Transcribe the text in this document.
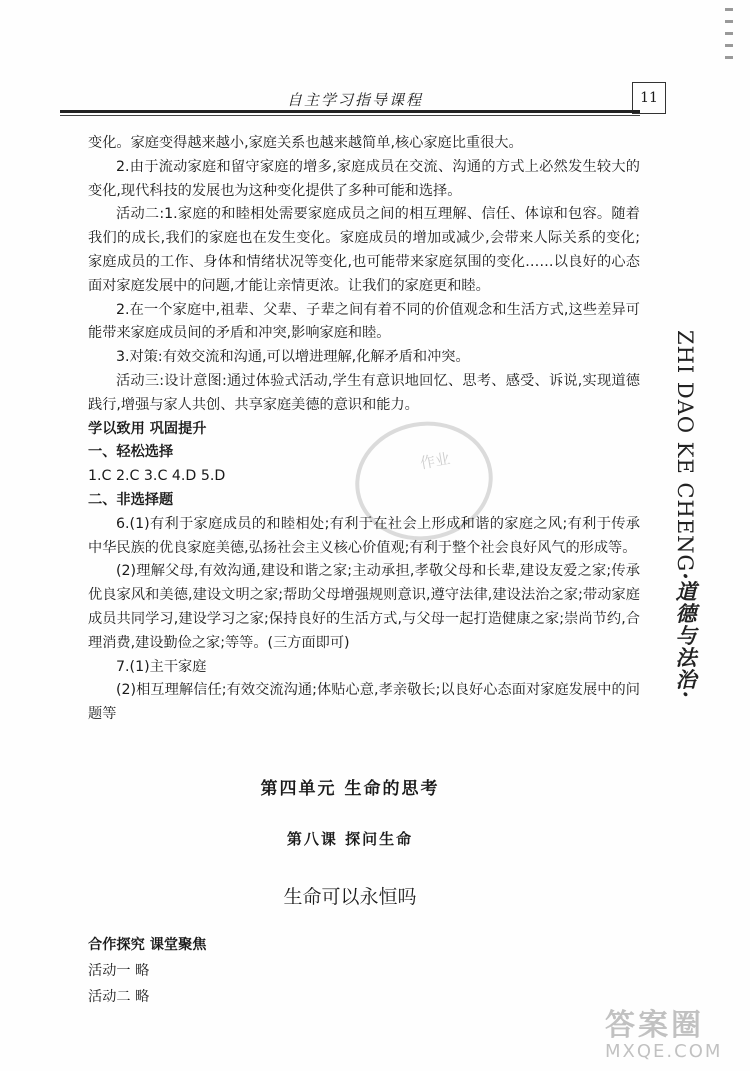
自主学习指导课程	11
ZHI DAO KE CHENG·道德与法治·
作业

变化。家庭变得越来越小,家庭关系也越来越简单,核心家庭比重很大。

2.由于流动家庭和留守家庭的增多,家庭成员在交流、沟通的方式上必然发生较大的变化,现代科技的发展也为这种变化提供了多种可能和选择。

活动二:1.家庭的和睦相处需要家庭成员之间的相互理解、信任、体谅和包容。随着我们的成长,我们的家庭也在发生变化。家庭成员的增加或减少,会带来人际关系的变化;家庭成员的工作、身体和情绪状况等变化,也可能带来家庭氛围的变化……以良好的心态面对家庭发展中的问题,才能让亲情更浓。让我们的家庭更和睦。

2.在一个家庭中,祖辈、父辈、子辈之间有着不同的价值观念和生活方式,这些差异可能带来家庭成员间的矛盾和冲突,影响家庭和睦。

3.对策:有效交流和沟通,可以增进理解,化解矛盾和冲突。

活动三:设计意图:通过体验式活动,学生有意识地回忆、思考、感受、诉说,实现道德践行,增强与家人共创、共享家庭美德的意识和能力。

学以致用 巩固提升

一、轻松选择

1.C 2.C 3.C 4.D 5.D

二、非选择题

6.(1)有利于家庭成员的和睦相处;有利于在社会上形成和谐的家庭之风;有利于传承中华民族的优良家庭美德,弘扬社会主义核心价值观;有利于整个社会良好风气的形成等。

(2)理解父母,有效沟通,建设和谐之家;主动承担,孝敬父母和长辈,建设友爱之家;传承优良家风和美德,建设文明之家;帮助父母增强规则意识,遵守法律,建设法治之家;带动家庭成员共同学习,建设学习之家;保持良好的生活方式,与父母一起打造健康之家;崇尚节约,合理消费,建设勤俭之家;等等。(三方面即可)

7.(1)主干家庭

(2)相互理解信任;有效交流沟通;体贴心意,孝亲敬长;以良好心态面对家庭发展中的问题等

第四单元 生命的思考
第八课 探问生命
生命可以永恒吗

合作探究 课堂聚焦

活动一 略

活动二 略

答案圈
MXQE.COM
